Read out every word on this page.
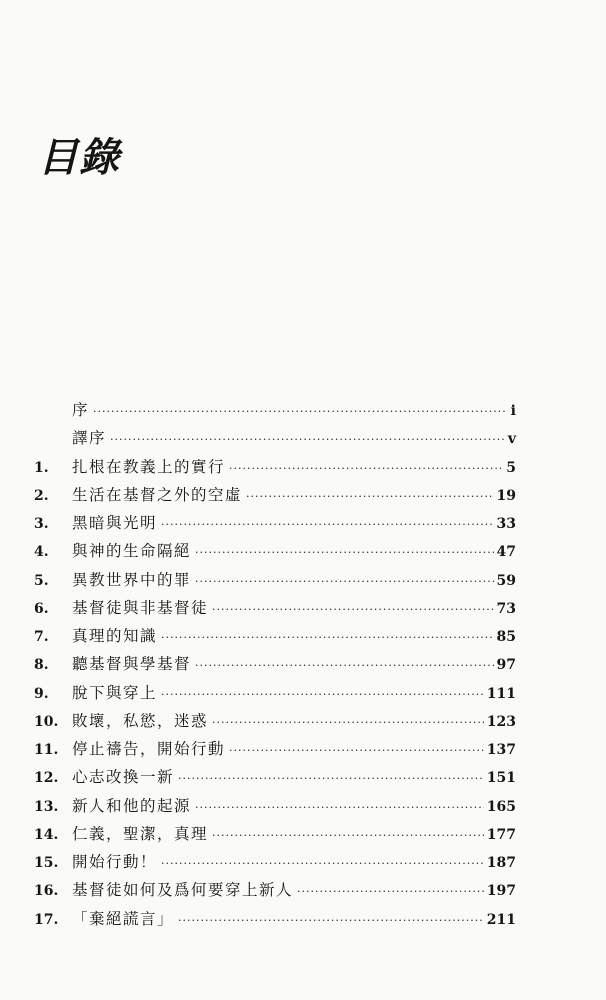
目錄
序 ·····	i
譯序 ·····	v
1.	扎根在教義上的實行 ·····	5
2.	生活在基督之外的空虛 ·····	19
3.	黑暗與光明 ·····	33
4.	與神的生命隔絕 ·····	47
5.	異教世界中的罪 ·····	59
6.	基督徒與非基督徒 ·····	73
7.	真理的知識 ·····	85
8.	聽基督與學基督 ·····	97
9.	脫下與穿上 ·····	111
10. 敗壞，私慾，迷惑 ·····	123
11. 停止禱告，開始行動 ·····	137
12. 心志改換一新 ·····	151
13. 新人和他的起源 ·····	165
14. 仁義，聖潔，真理 ·····	177
15. 開始行動！ ·····	187
16. 基督徒如何及爲何要穿上新人 ·····	197
17. 「棄絕謊言」 ·····	211
